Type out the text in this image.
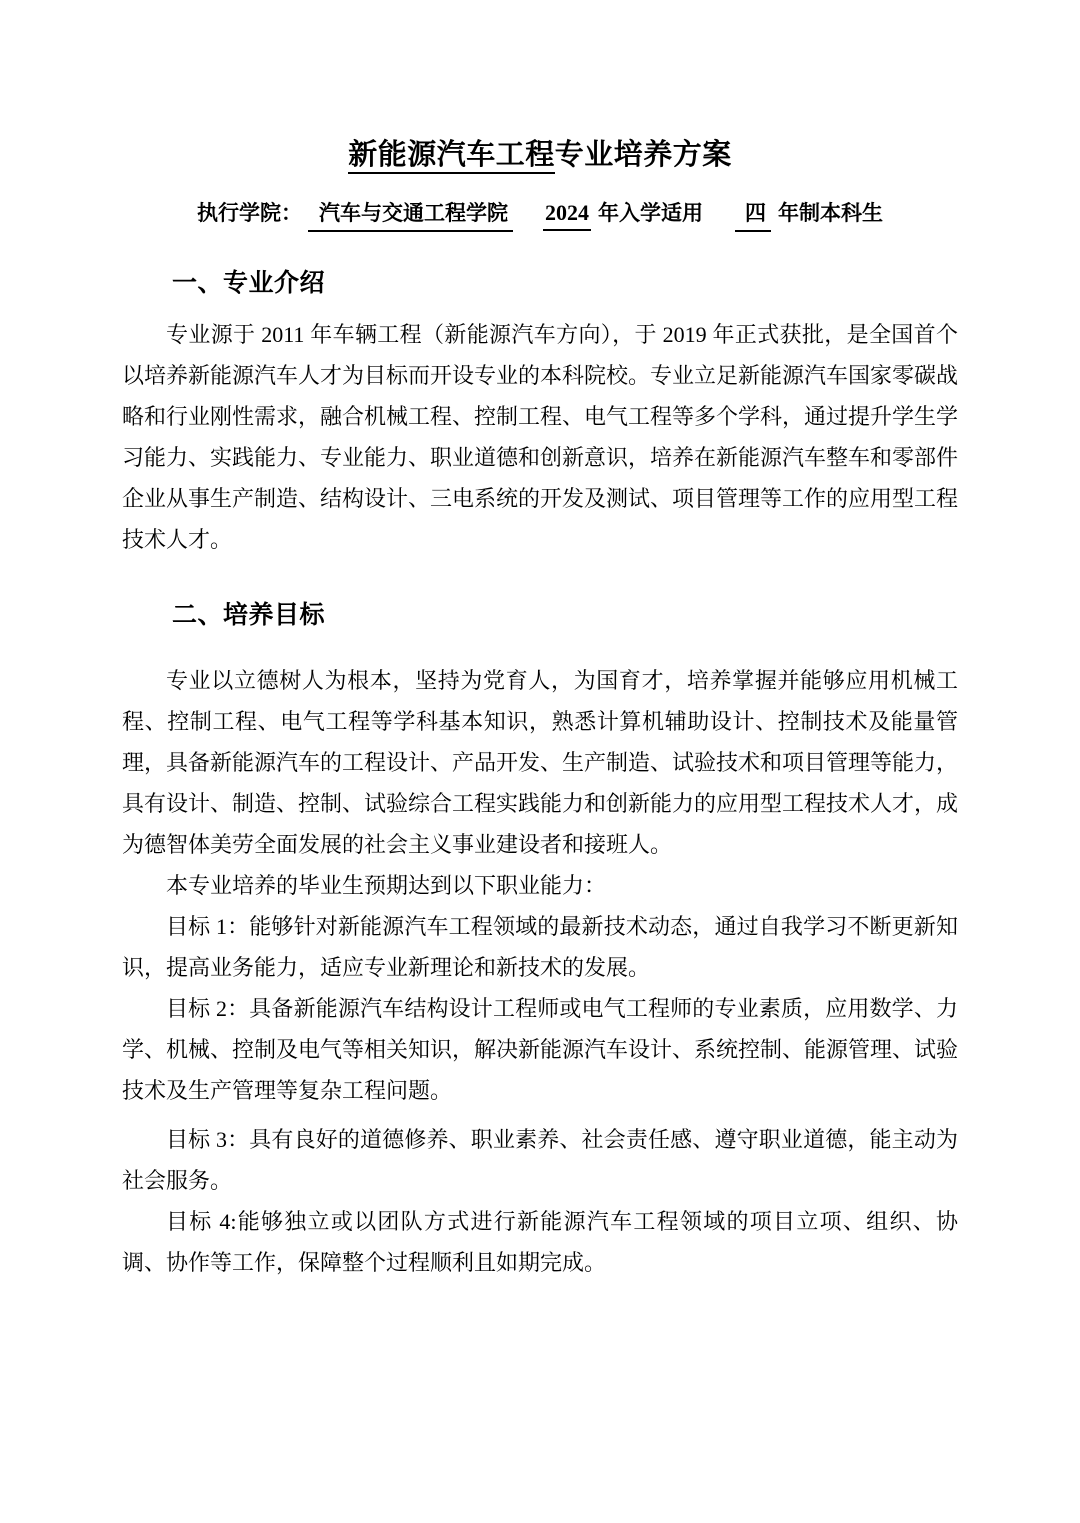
新能源汽车工程专业培养方案
执行学院： 汽车与交通工程学院 2024 年入学适用	四 年制本科生
一、专业介绍

专业源于 2011 年车辆工程（新能源汽车方向），于 2019 年正式获批，是全国首个以培养新能源汽车人才为目标而开设专业的本科院校。专业立足新能源汽车国家零碳战略和行业刚性需求，融合机械工程、控制工程、电气工程等多个学科，通过提升学生学习能力、实践能力、专业能力、职业道德和创新意识，培养在新能源汽车整车和零部件企业从事生产制造、结构设计、三电系统的开发及测试、项目管理等工作的应用型工程技术人才。

二、培养目标

专业以立德树人为根本，坚持为党育人，为国育才，培养掌握并能够应用机械工程、控制工程、电气工程等学科基本知识，熟悉计算机辅助设计、控制技术及能量管理，具备新能源汽车的工程设计、产品开发、生产制造、试验技术和项目管理等能力，具有设计、制造、控制、试验综合工程实践能力和创新能力的应用型工程技术人才，成为德智体美劳全面发展的社会主义事业建设者和接班人。

本专业培养的毕业生预期达到以下职业能力：

目标 1：能够针对新能源汽车工程领域的最新技术动态，通过自我学习不断更新知识，提高业务能力，适应专业新理论和新技术的发展。

目标 2：具备新能源汽车结构设计工程师或电气工程师的专业素质，应用数学、力学、机械、控制及电气等相关知识，解决新能源汽车设计、系统控制、能源管理、试验技术及生产管理等复杂工程问题。

目标 3：具有良好的道德修养、职业素养、社会责任感、遵守职业道德，能主动为社会服务。

目标 4:能够独立或以团队方式进行新能源汽车工程领域的项目立项、组织、协调、协作等工作，保障整个过程顺利且如期完成。
